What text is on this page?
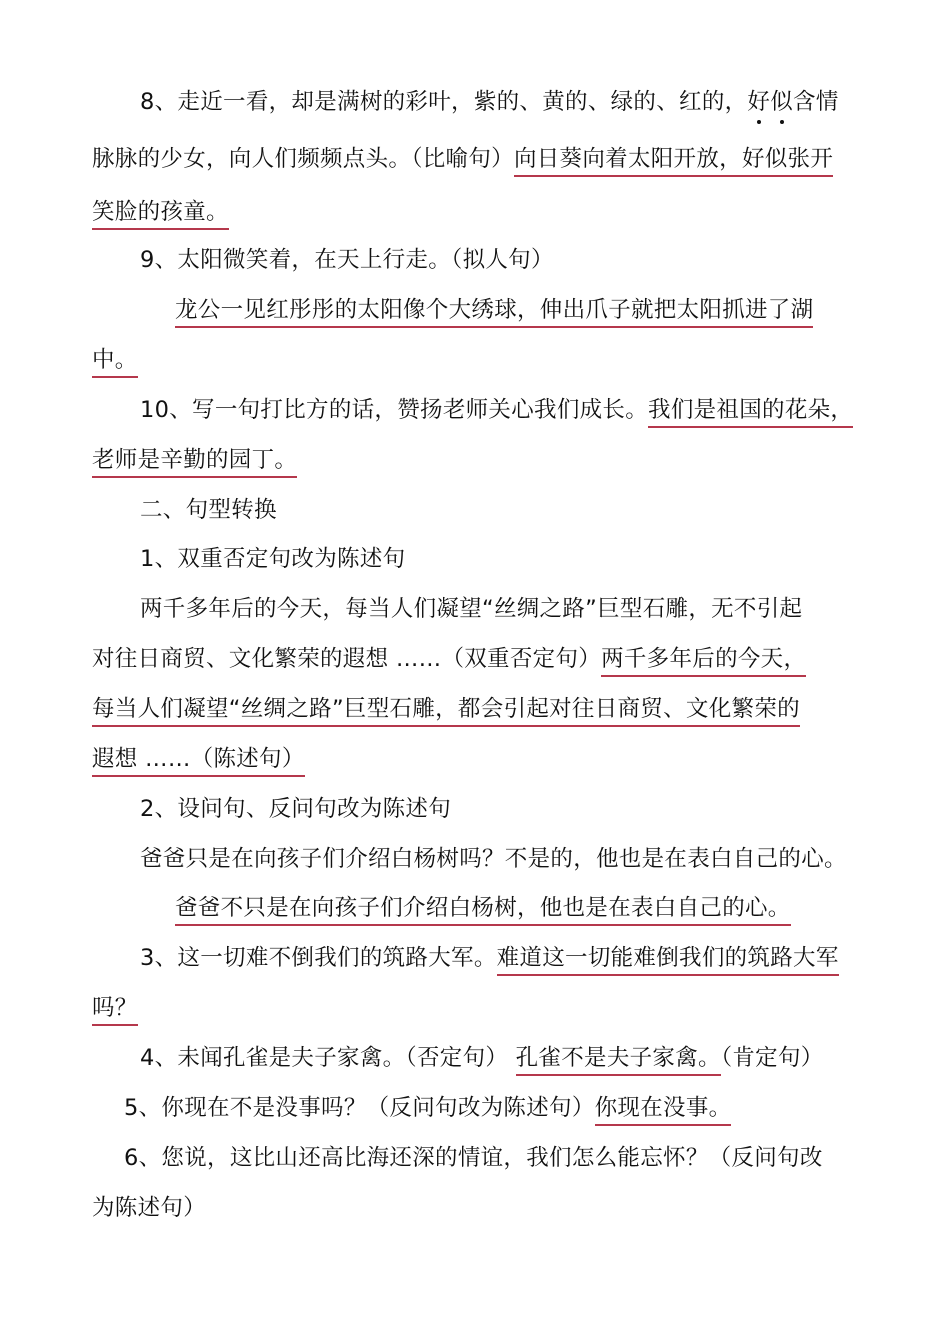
8、走近一看，却是满树的彩叶，紫的、黄的、绿的、红的，好似含情
脉脉的少女，向人们频频点头。（比喻句）向日葵向着太阳开放，好似张开
笑脸的孩童。
9、太阳微笑着，在天上行走。（拟人句）
龙公一见红彤彤的太阳像个大绣球，伸出爪子就把太阳抓进了湖
中。
10、写一句打比方的话，赞扬老师关心我们成长。我们是祖国的花朵，
老师是辛勤的园丁。
二、句型转换
1、双重否定句改为陈述句
两千多年后的今天，每当人们凝望“丝绸之路”巨型石雕，无不引起
对往日商贸、文化繁荣的遐想 ……（双重否定句）两千多年后的今天，
每当人们凝望“丝绸之路”巨型石雕，都会引起对往日商贸、文化繁荣的
遐想 ……（陈述句）
2、设问句、反问句改为陈述句
爸爸只是在向孩子们介绍白杨树吗？不是的，他也是在表白自己的心。
爸爸不只是在向孩子们介绍白杨树，他也是在表白自己的心。
3、这一切难不倒我们的筑路大军。难道这一切能难倒我们的筑路大军
吗？
4、未闻孔雀是夫子家禽。（否定句） 孔雀不是夫子家禽。（肯定句）
5、你现在不是没事吗？（反问句改为陈述句）你现在没事。
6、您说，这比山还高比海还深的情谊，我们怎么能忘怀？（反问句改
为陈述句）
